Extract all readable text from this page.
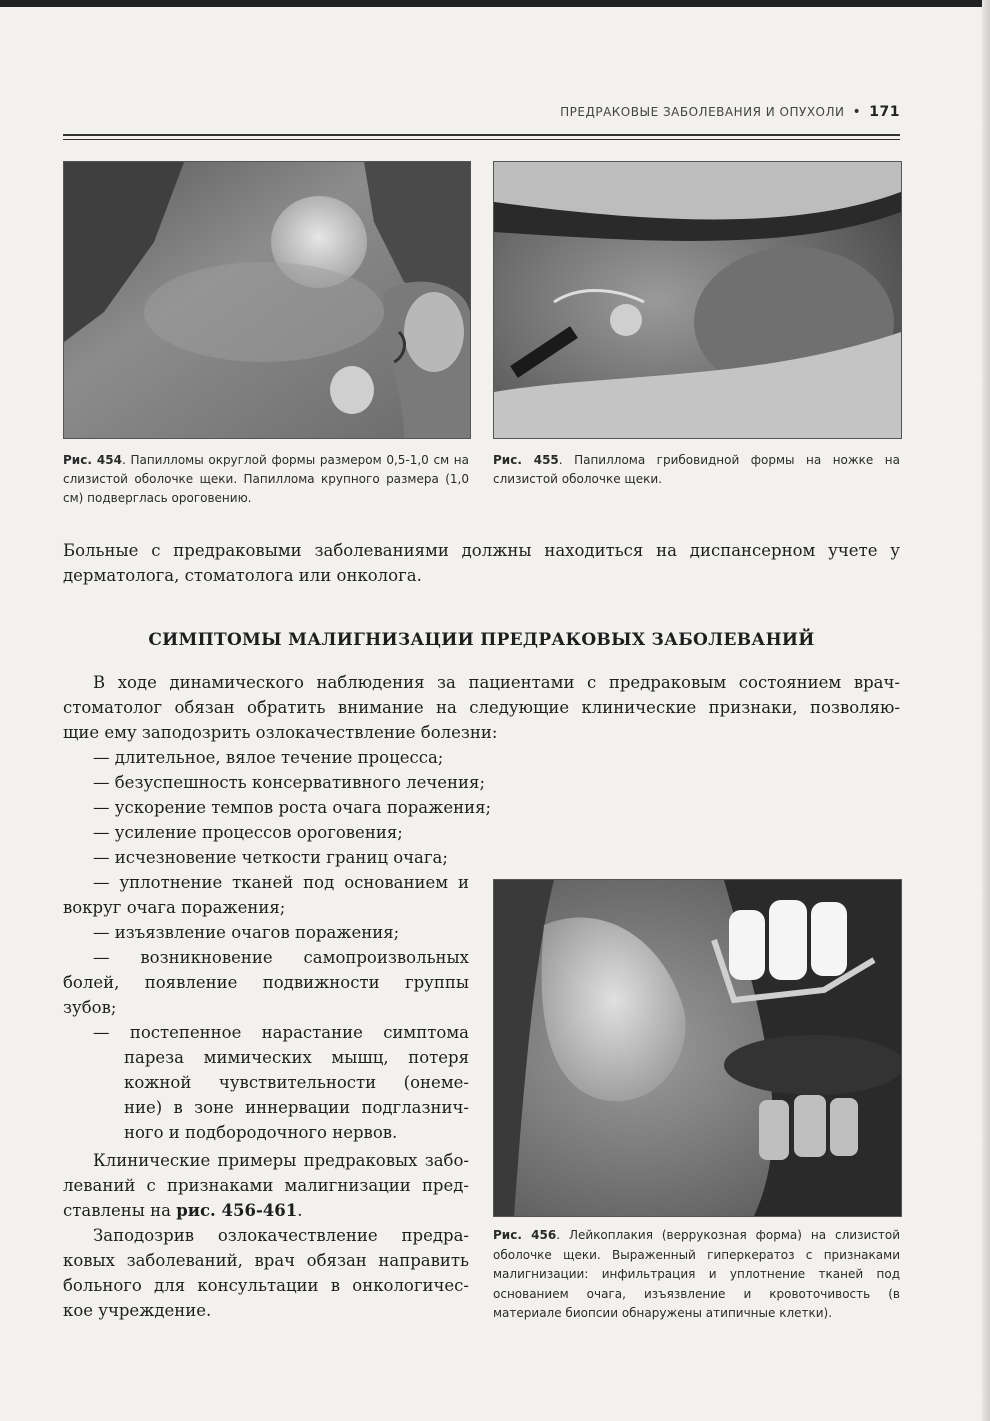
ПРЕДРАКОВЫЕ ЗАБОЛЕВАНИЯ И ОПУХОЛИ • 171
Рис. 454. Папилломы округлой формы размером 0,5-1,0 см на слизистой оболочке щеки. Папиллома крупного размера (1,0 см) подверглась ороговению.
Рис. 455. Папиллома грибовидной формы на ножке на слизистой оболочке щеки.
Больные с предраковыми заболеваниями должны находиться на диспансерном учете у дерматолога, стоматолога или онколога.
СИМПТОМЫ МАЛИГНИЗАЦИИ ПРЕДРАКОВЫХ ЗАБОЛЕВАНИЙ
В ходе динамического наблюдения за пациентами с предраковым состоянием врач-
стоматолог обязан обратить внимание на следующие клинические признаки, позволяю-
щие ему заподозрить озлокачествление болезни:
— длительное, вялое течение процесса;
— безуспешность консервативного лечения;
— ускорение темпов роста очага поражения;
— усиление процессов ороговения;
— исчезновение четкости границ очага;
— уплотнение тканей под основанием и
вокруг очага поражения;
— изъязвление очагов поражения;
— возникновение самопроизвольных
болей, появление подвижности группы
зубов;
— постепенное нарастание симптома
пареза мимических мышц, потеря
кожной чувствительности (онеме-
ние) в зоне иннервации подглазнич-
ного и подбородочного нервов.
Клинические примеры предраковых забо-
леваний с признаками малигнизации пред-
ставлены на рис. 456-461.
Заподозрив озлокачествление предра-
ковых заболеваний, врач обязан направить
больного для консультации в онкологичес-
кое учреждение.
Рис. 456. Лейкоплакия (веррукозная форма) на слизистой оболочке щеки. Выраженный гиперкератоз с признаками малигнизации: инфильтрация и уплотнение тканей под основанием очага, изъязвление и кровоточивость (в материале биопсии обнаружены атипичные клетки).
